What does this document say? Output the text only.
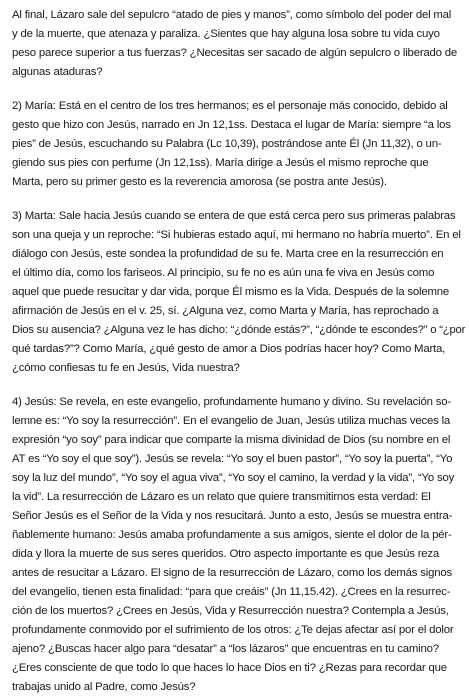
Al final, Lázaro sale del sepulcro “atado de pies y manos”, como símbolo del poder del mal
y de la muerte, que atenaza y paraliza. ¿Sientes que hay alguna losa sobre tu vida cuyo
peso parece superior a tus fuerzas? ¿Necesitas ser sacado de algún sepulcro o liberado de
algunas ataduras?

2) María: Está en el centro de los tres hermanos; es el personaje más conocido, debido al
gesto que hizo con Jesús, narrado en Jn 12,1ss. Destaca el lugar de María: siempre “a los
pies” de Jesús, escuchando su Palabra (Lc 10,39), postrándose ante Él (Jn 11,32), o un-
giendo sus pies con perfume (Jn 12,1ss). María dirige a Jesús el mismo reproche que
Marta, pero su primer gesto es la reverencia amorosa (se postra ante Jesús).

3) Marta: Sale hacia Jesús cuando se entera de que está cerca pero sus primeras palabras
son una queja y un reproche: “Si hubieras estado aquí, mi hermano no habría muerto”. En el
diálogo con Jesús, este sondea la profundidad de su fe. Marta cree en la resurrección en
el último día, como los fariseos. Al principio, su fe no es aún una fe viva en Jesús como
aquel que puede resucitar y dar vida, porque Él mismo es la Vida. Después de la solemne
afirmación de Jesús en el v. 25, sí. ¿Alguna vez, como Marta y María, has reprochado a
Dios su ausencia? ¿Alguna vez le has dicho: “¿dónde estás?”, “¿dónde te escondes?” o “¿por
qué tardas?”? Como María, ¿qué gesto de amor a Dios podrías hacer hoy? Como Marta,
¿cómo confiesas tu fe en Jesús, Vida nuestra?

4) Jesús: Se revela, en este evangelio, profundamente humano y divino. Su revelación so-
lemne es: “Yo soy la resurrección”. En el evangelio de Juan, Jesús utiliza muchas veces la
expresión “yo soy” para indicar que comparte la misma divinidad de Dios (su nombre en el
AT es “Yo soy el que soy”). Jesús se revela: “Yo soy el buen pastor”, “Yo soy la puerta”, “Yo
soy la luz del mundo”, “Yo soy el agua viva”, “Yo soy el camino, la verdad y la vida”, “Yo soy
la vid”. La resurrección de Lázaro es un relato que quiere transmitirnos esta verdad: El
Señor Jesús es el Señor de la Vida y nos resucitará. Junto a esto, Jesús se muestra entra-
ñablemente humano: Jesús amaba profundamente a sus amigos, siente el dolor de la pér-
dida y llora la muerte de sus seres queridos. Otro aspecto importante es que Jesús reza
antes de resucitar a Lázaro. El signo de la resurrección de Lázaro, como los demás signos
del evangelio, tienen esta finalidad: “para que creáis” (Jn 11,15.42). ¿Crees en la resurrec-
ción de los muertos? ¿Crees en Jesús, Vida y Resurrección nuestra? Contempla a Jesús,
profundamente conmovido por el sufrimiento de los otros: ¿Te dejas afectar así por el dolor
ajeno? ¿Buscas hacer algo para “desatar” a “los lázaros” que encuentras en tu camino?
¿Eres consciente de que todo lo que haces lo hace Dios en ti? ¿Rezas para recordar que
trabajas unido al Padre, como Jesús?
